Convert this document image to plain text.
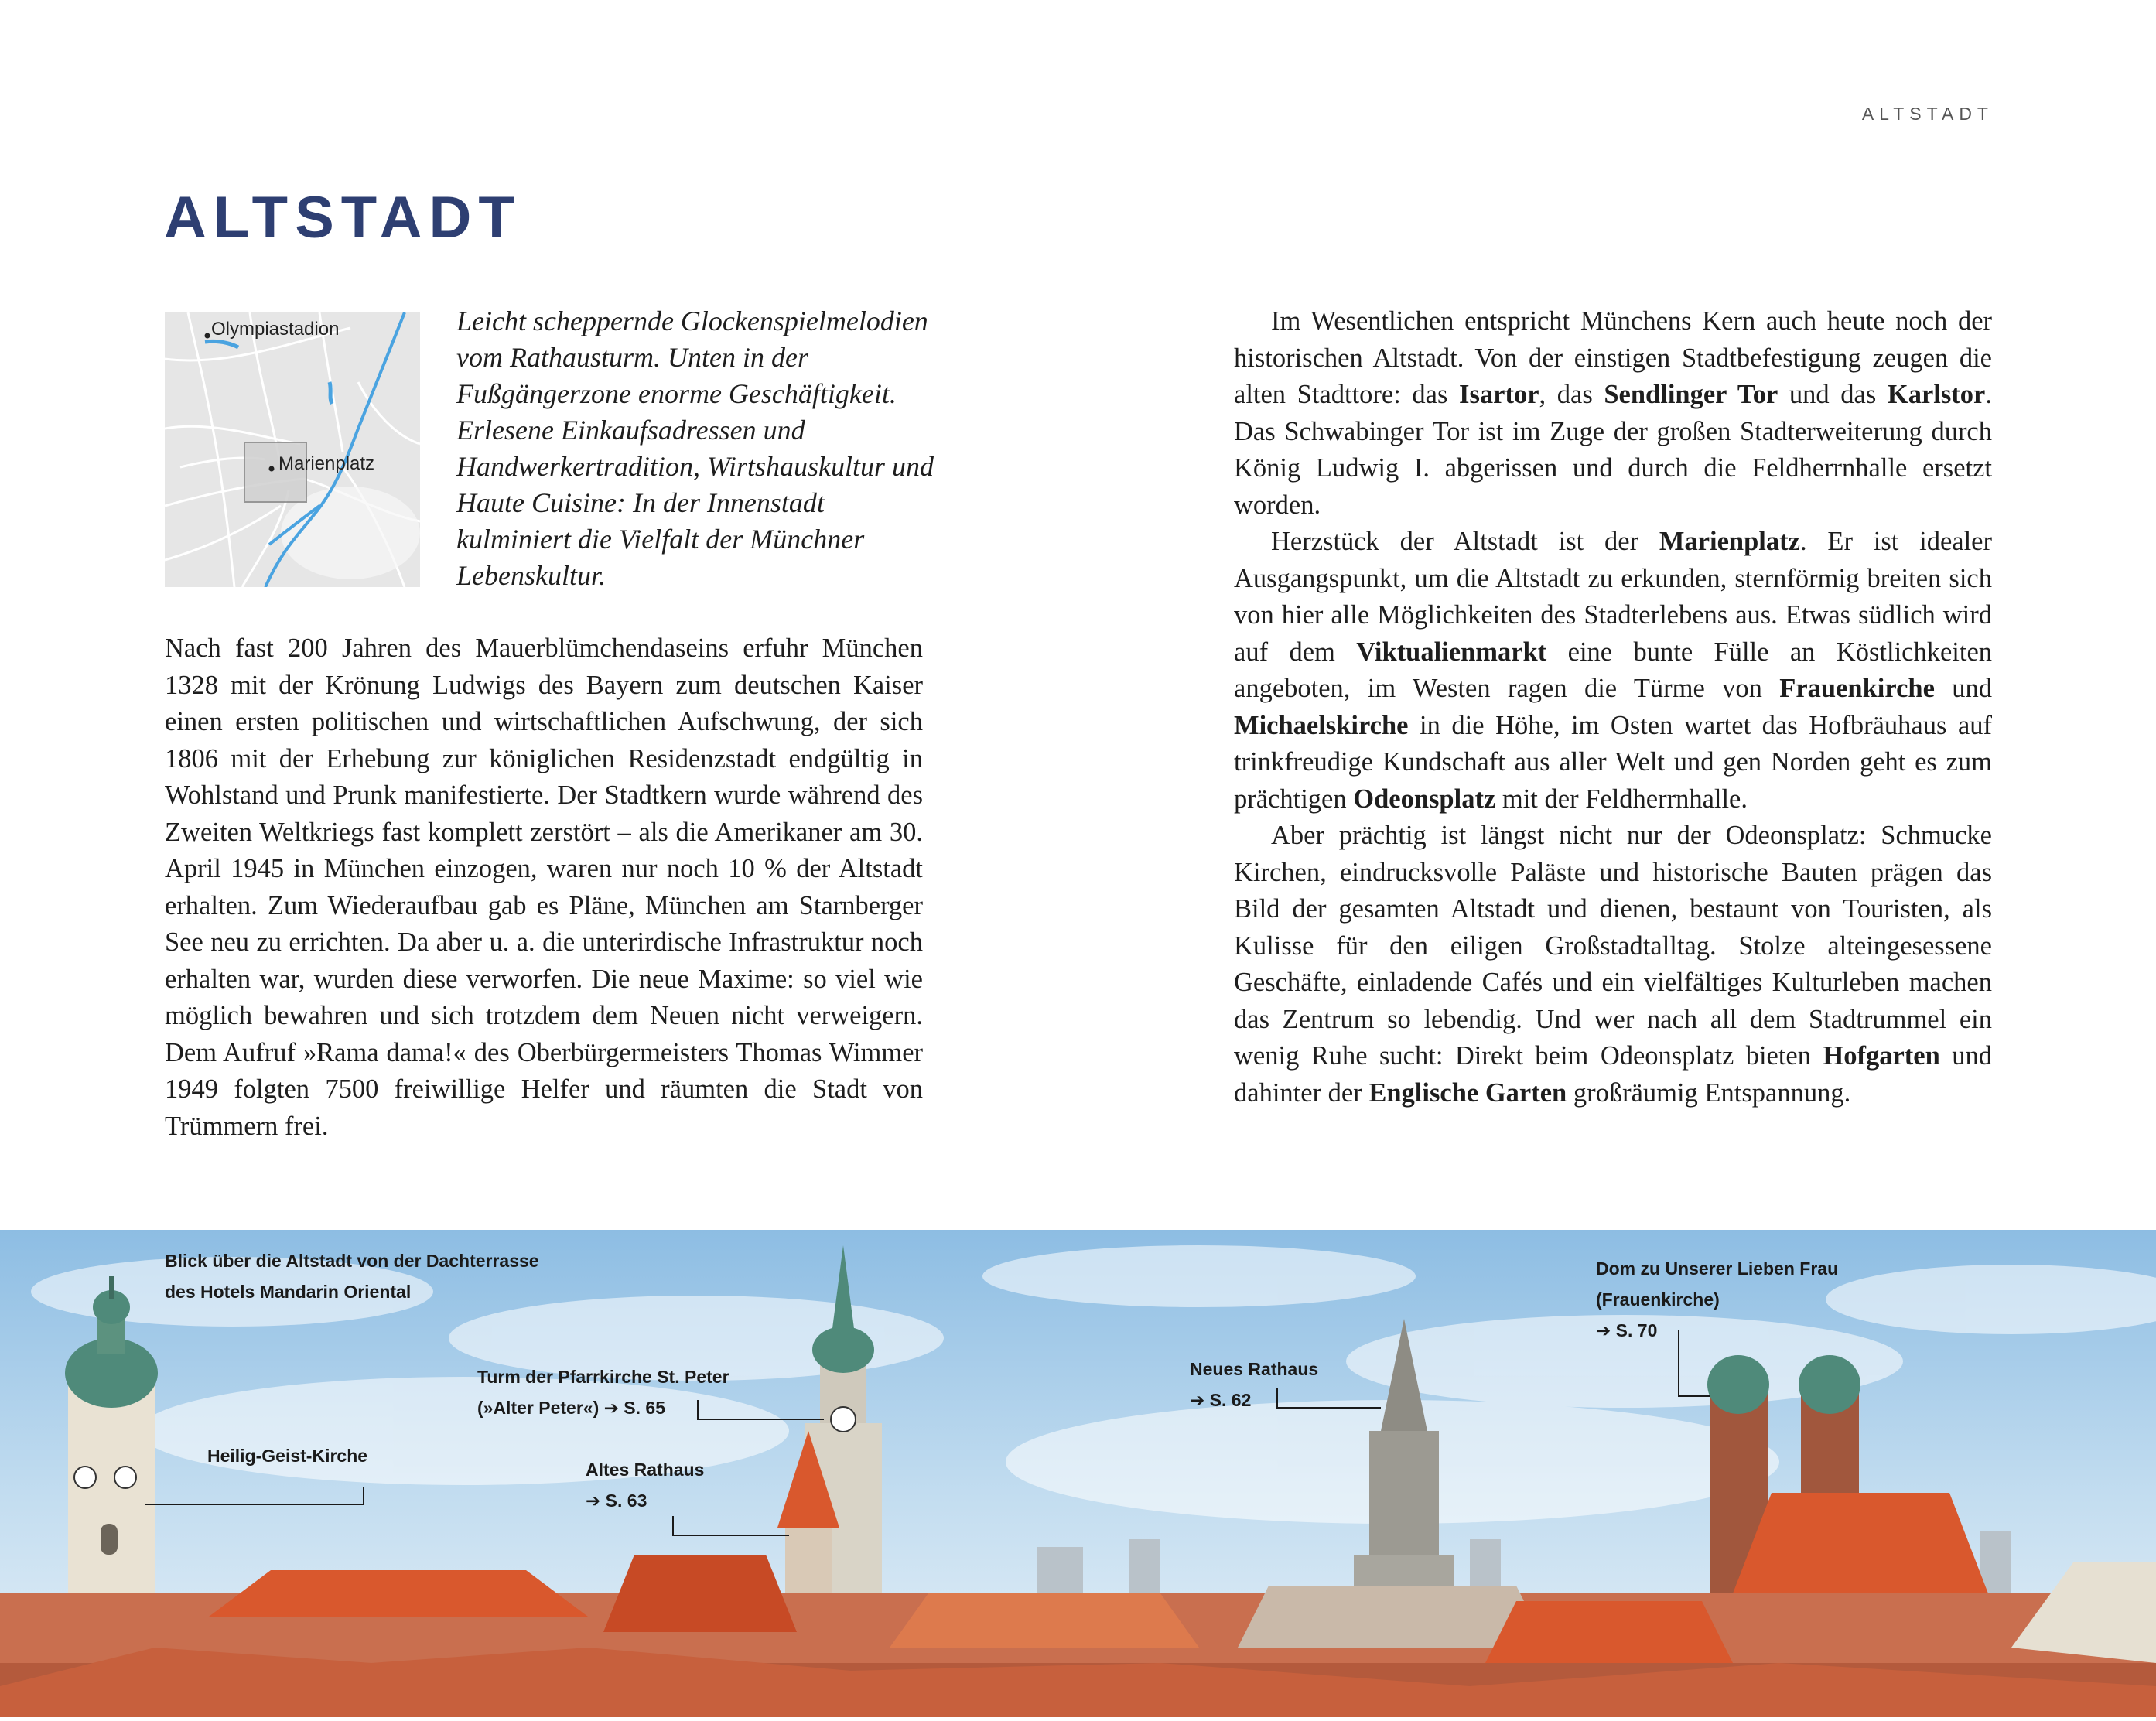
ALTSTADT
ALTSTADT
Olympiastadion
Marienplatz

Leicht scheppernde Glockenspielmelodien vom Rathausturm. Unten in der Fußgängerzone enorme Geschäftigkeit. Erlesene Einkaufsadressen und Handwerkertradition, Wirtshauskultur und Haute Cuisine: In der Innenstadt kulminiert die Vielfalt der Münchner Lebenskultur.

Nach fast 200 Jahren des Mauerblümchendaseins erfuhr München 1328 mit der Krönung Ludwigs des Bayern zum deutschen Kaiser einen ersten politischen und wirtschaftlichen Aufschwung, der sich 1806 mit der Erhebung zur königlichen Residenzstadt endgültig in Wohlstand und Prunk manifestierte. Der Stadtkern wurde während des Zweiten Weltkriegs fast komplett zerstört – als die Amerikaner am 30. April 1945 in München einzogen, waren nur noch 10 % der Altstadt erhalten. Zum Wiederaufbau gab es Pläne, München am Starnberger See neu zu errichten. Da aber u. a. die unterirdische Infrastruktur noch erhalten war, wurden diese verworfen. Die neue Maxime: so viel wie möglich bewahren und sich trotzdem dem Neuen nicht verweigern. Dem Aufruf »Rama dama!« des Oberbürgermeisters Thomas Wimmer 1949 folgten 7500 freiwillige Helfer und räumten die Stadt von Trümmern frei.

Im Wesentlichen entspricht Münchens Kern auch heute noch der historischen Altstadt. Von der einstigen Stadtbefestigung zeugen die alten Stadttore: das Isartor, das Sendlinger Tor und das Karlstor. Das Schwabinger Tor ist im Zuge der großen Stadterweiterung durch König Ludwig I. abgerissen und durch die Feldherrnhalle ersetzt worden.

Herzstück der Altstadt ist der Marienplatz. Er ist idealer Ausgangspunkt, um die Altstadt zu erkunden, sternförmig breiten sich von hier alle Möglichkeiten des Stadterlebens aus. Etwas südlich wird auf dem Viktualienmarkt eine bunte Fülle an Köstlichkeiten angeboten, im Westen ragen die Türme von Frauenkirche und Michaelskirche in die Höhe, im Osten wartet das Hofbräuhaus auf trinkfreudige Kundschaft aus aller Welt und gen Norden geht es zum prächtigen Odeonsplatz mit der Feldherrnhalle.

Aber prächtig ist längst nicht nur der Odeonsplatz: Schmucke Kirchen, eindrucksvolle Paläste und historische Bauten prägen das Bild der gesamten Altstadt und dienen, bestaunt von Touristen, als Kulisse für den eiligen Großstadtalltag. Stolze alteingesessene Geschäfte, einladende Cafés und ein vielfältiges Kulturleben machen das Zentrum so lebendig. Und wer nach all dem Stadtrummel ein wenig Ruhe sucht: Direkt beim Odeonsplatz bieten Hofgarten und dahinter der Englische Garten großräumig Entspannung.

Blick über die Altstadt von der Dachterrasse
des Hotels Mandarin Oriental
Heilig-Geist-Kirche
Turm der Pfarrkirche St. Peter
(»Alter Peter«) ➔ S. 65
Altes Rathaus
➔ S. 63
Neues Rathaus
➔ S. 62
Dom zu Unserer Lieben Frau
(Frauenkirche)
➔ S. 70
